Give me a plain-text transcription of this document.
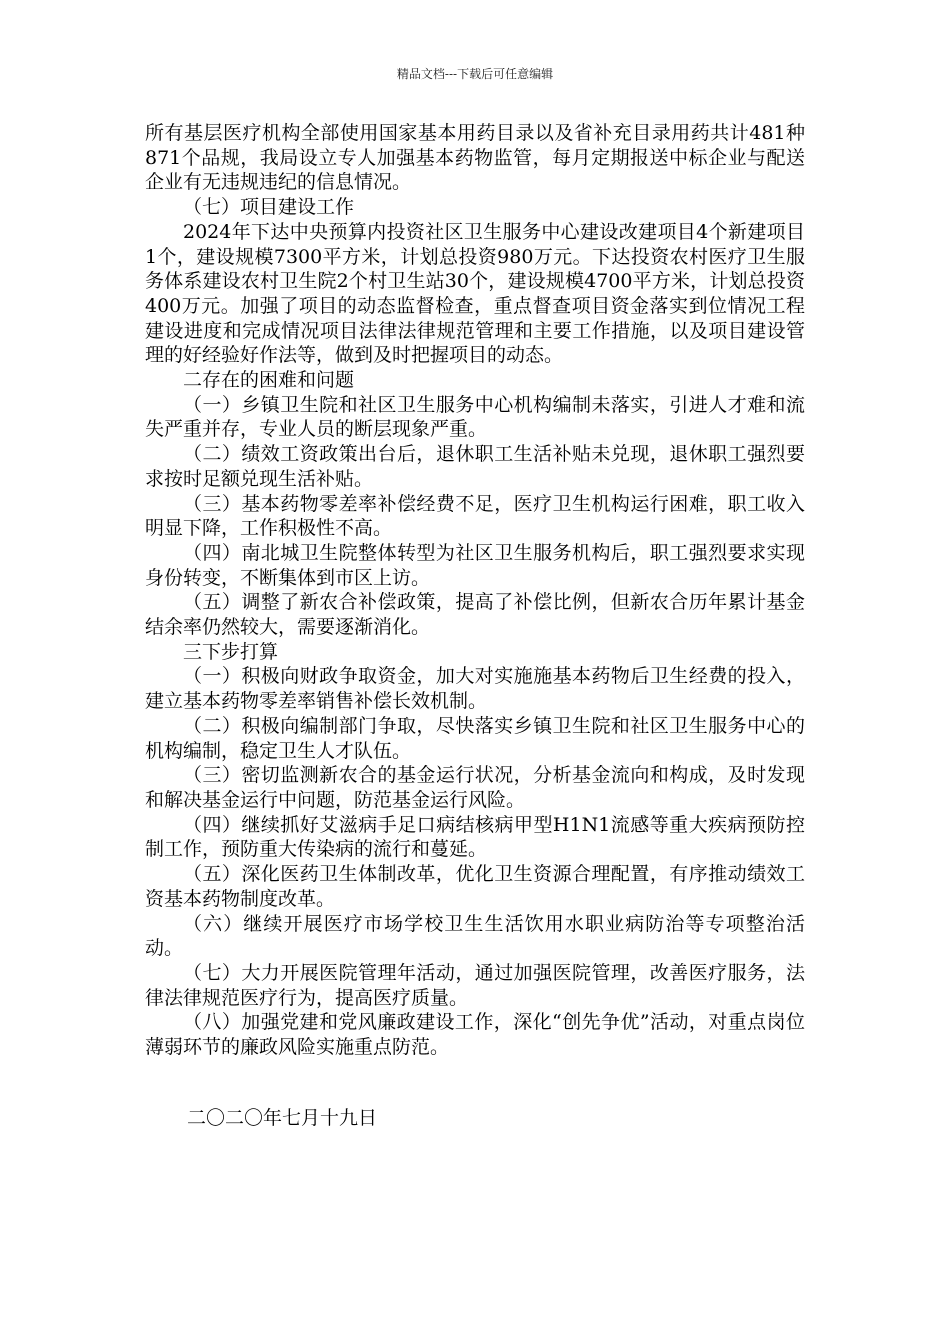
精品文档---下载后可任意编辑

所有基层医疗机构全部使用国家基本用药目录以及省补充目录用药共计481种871个品规，我局设立专人加强基本药物监管，每月定期报送中标企业与配送企业有无违规违纪的信息情况。

（七）项目建设工作

2024年下达中央预算内投资社区卫生服务中心建设改建项目4个新建项目1个，建设规模7300平方米，计划总投资980万元。下达投资农村医疗卫生服务体系建设农村卫生院2个村卫生站30个，建设规模4700平方米，计划总投资400万元。加强了项目的动态监督检查，重点督查项目资金落实到位情况工程建设进度和完成情况项目法律法律规范管理和主要工作措施，以及项目建设管理的好经验好作法等，做到及时把握项目的动态。

二存在的困难和问题

（一）乡镇卫生院和社区卫生服务中心机构编制未落实，引进人才难和流失严重并存，专业人员的断层现象严重。

（二）绩效工资政策出台后，退休职工生活补贴未兑现，退休职工强烈要求按时足额兑现生活补贴。

（三）基本药物零差率补偿经费不足，医疗卫生机构运行困难，职工收入明显下降，工作积极性不高。

（四）南北城卫生院整体转型为社区卫生服务机构后，职工强烈要求实现身份转变，不断集体到市区上访。

（五）调整了新农合补偿政策，提高了补偿比例，但新农合历年累计基金结余率仍然较大，需要逐渐消化。

三下步打算

（一）积极向财政争取资金，加大对实施施基本药物后卫生经费的投入，建立基本药物零差率销售补偿长效机制。

（二）积极向编制部门争取，尽快落实乡镇卫生院和社区卫生服务中心的机构编制，稳定卫生人才队伍。

（三）密切监测新农合的基金运行状况，分析基金流向和构成，及时发现和解决基金运行中问题，防范基金运行风险。

（四）继续抓好艾滋病手足口病结核病甲型H1N1流感等重大疾病预防控制工作，预防重大传染病的流行和蔓延。

（五）深化医药卫生体制改革，优化卫生资源合理配置，有序推动绩效工资基本药物制度改革。

（六）继续开展医疗市场学校卫生生活饮用水职业病防治等专项整治活动。

（七）大力开展医院管理年活动，通过加强医院管理，改善医疗服务，法律法律规范医疗行为，提高医疗质量。

（八）加强党建和党风廉政建设工作，深化“创先争优”活动，对重点岗位薄弱环节的廉政风险实施重点防范。

二〇二〇年七月十九日
